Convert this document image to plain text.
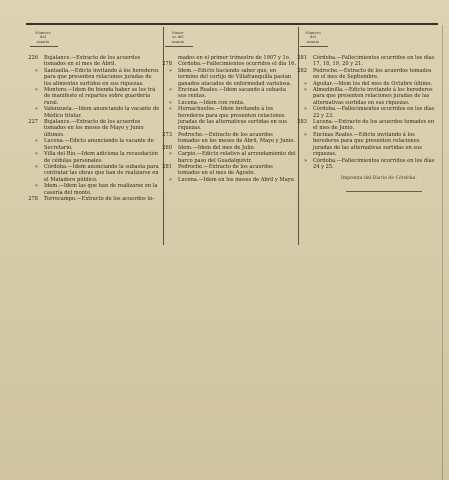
Número
del
asunto
Núme-
ro del
asunto
Número
del
asunto
226 Bujalance.—Extracto de los acuerdos tomados en el mes de Abril.
» Santaella.—Edicto invitando á los herederos para que presenten relaciones juradas de los alimentos surtidos en sus riquezas.
» Montoro.—Idem fin bienda haber se los trá de manifesto el repartos sobre guardería rural.
» Valenzuela.—Idem anunciando la vacante de Médico titular.
227 Bujalance.—Extracto de los acuerdos tomados en los meses de Mayo y Junio últimos.
» Lucena.—Edicto anunciando la vacante de Secretario.
» Villa del Río.—Idem adiciona la recaudación de cédulas personales.
» Córdoba.—Idem anunciando la subasta para contratar las obras que han de realizarse en el Matadero público.
» Idem.—Idem las que han de realizarse en la casería del monte.
278 Torrecampo.—Extracto de los acuerdos to-
mados en el primer trimestre de 1907 y 1o.
278 Córdoba.—Fallecimientos ocurridos el día 16.
» Idem.—Edicto haciendo saber que, en termino del cortijo de Villafranquilla pastan ganados atacados de enfermedad variolosa.
» Encinas Reales.—Idem sacando á subasta sus rentas.
» Lucena.—Idem con renta.
» Hornachuelos.—Idem invitando á los herederos para que presenten relaciones juradas de las alternativas surtidas en sus riquezas.
273 Pedroche.—Extracto de los acuerdos tomados en los meses de Abril, Mayo y Junio.
260 Idem.—Idem del mes de Julio.
» Carpio.—Edicto relativo al arrendamiento del barco paso del Guadalquivir.
281 Pedroche.—Extracto de los acuerdos tomados en el mes de Agosto.
» Lucena.—Idem en los meses de Abril y Mayo.
281 Córdoba.—Fallecimientos ocurridos en los días 17, 18, 19, 20 y 21.
282 Pedroche.—Extracto de los acuerdos tomados en el mes de Septiembre.
» Aguilar.—Idem los del mes de Octubre último.
» Almedinilla.—Edicto invitando á los herederos para que presenten relaciones juradas de las alternativas surtidas en sus riquezas.
» Córdoba.—Fallecimientos ocurridos en los días 22 y 23.
283 Lucena.—Extracto de los acuerdos tomados en el mes de Junio.
» Encinas Reales.—Edicto invitando á los herederos para que presenten relaciones juradas de las alternativas surtidas en sus riquezas.
» Córdoba.—Fallecimientos ocurridos en los días 24 y 25.
Imprenta del Diario de Córdoba.
